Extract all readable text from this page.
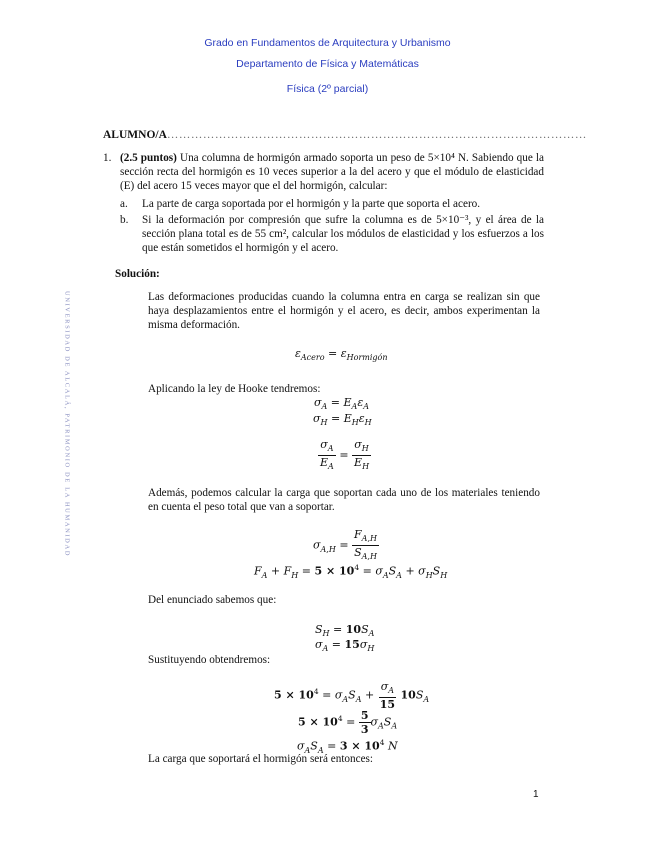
Grado en Fundamentos de Arquitectura y Urbanismo
Departamento de Física y Matemáticas
Física (2º parcial)
UNIVERSIDAD DE ALCALÁ, PATRIMONIO DE LA HUMANIDAD
ALUMNO/A……………………………………………………………………………………………
1. (2.5 puntos) Una columna de hormigón armado soporta un peso de 5×10⁴ N. Sabiendo que la sección recta del hormigón es 10 veces superior a la del acero y que el módulo de elasticidad (E) del acero 15 veces mayor que el del hormigón, calcular:
a. La parte de carga soportada por el hormigón y la parte que soporta el acero.
b. Si la deformación por compresión que sufre la columna es de 5×10⁻³, y el área de la sección plana total es de 55 cm², calcular los módulos de elasticidad y los esfuerzos a los que están sometidos el hormigón y el acero.
Solución:
Las deformaciones producidas cuando la columna entra en carga se realizan sin que haya desplazamientos entre el hormigón y el acero, es decir, ambos experimentan la misma deformación.
$\varepsilon_{Acero} = \varepsilon_{Hormigón}$
Aplicando la ley de Hooke tendremos:
$\sigma_A = E_A\varepsilon_A$
$\sigma_H = E_H\varepsilon_H$
$\frac{\sigma_A}{E_A} = \frac{\sigma_H}{E_H}$
Además, podemos calcular la carga que soportan cada uno de los materiales teniendo en cuenta el peso total que van a soportar.
$\sigma_{A,H} = \frac{F_{A,H}}{S_{A,H}}$
$F_A + F_H = 5 \times 10^4 = \sigma_AS_A + \sigma_HS_H$
Del enunciado sabemos que:
$S_H = 10S_A$
$\sigma_A = 15\sigma_H$
Sustituyendo obtendremos:
$5 \times 10^4 = \sigma_AS_A + \frac{\sigma_A}{15} 10S_A$
$5 \times 10^4 = \frac{5}{3} \sigma_AS_A$
$\sigma_AS_A = 3 \times 10^4$ N
La carga que soportará el hormigón será entonces:
1
